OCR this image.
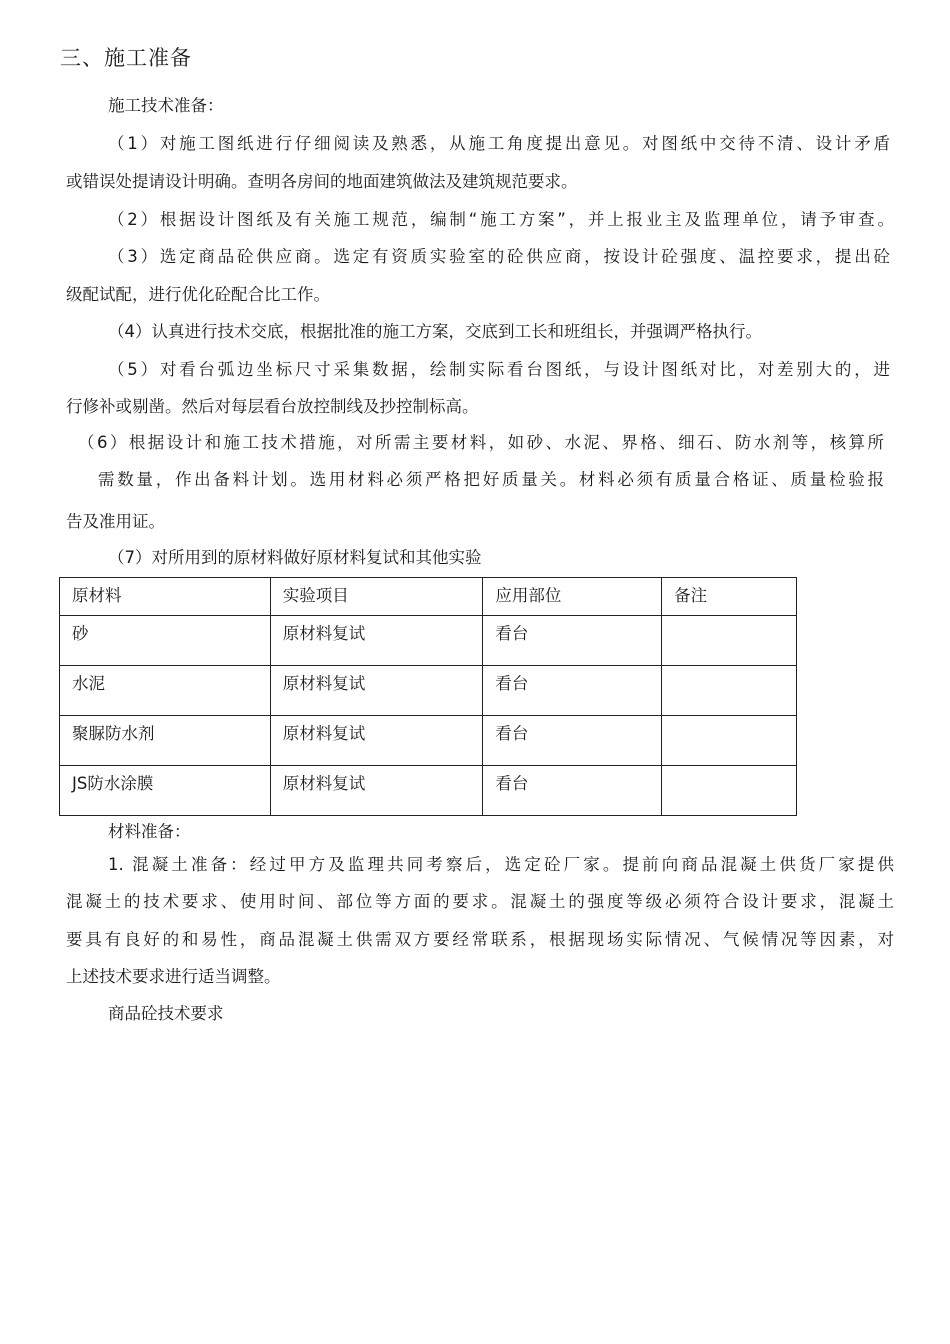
三、施工准备
施工技术准备：
（1）对施工图纸进行仔细阅读及熟悉，从施工角度提出意见。对图纸中交待不清、设计矛盾
或错误处提请设计明确。查明各房间的地面建筑做法及建筑规范要求。
（2）根据设计图纸及有关施工规范，编制“施工方案”，并上报业主及监理单位，请予审查。
（3）选定商品砼供应商。选定有资质实验室的砼供应商，按设计砼强度、温控要求，提出砼
级配试配，进行优化砼配合比工作。
（4）认真进行技术交底，根据批准的施工方案，交底到工长和班组长，并强调严格执行。
（5）对看台弧边坐标尺寸采集数据，绘制实际看台图纸，与设计图纸对比，对差别大的，进
行修补或剔凿。然后对每层看台放控制线及抄控制标高。
（6）根据设计和施工技术措施，对所需主要材料，如砂、水泥、界格、细石、防水剂等，核算所
需数量，作出备料计划。选用材料必须严格把好质量关。材料必须有质量合格证、质量检验报
告及准用证。
（7）对所用到的原材料做好原材料复试和其他实验
原材料	实验项目	应用部位	备注
砂	原材料复试	看台	
水泥	原材料复试	看台	
聚脲防水剂	原材料复试	看台	
JS防水涂膜	原材料复试	看台	
材料准备：
1. 混凝土准备：经过甲方及监理共同考察后，选定砼厂家。提前向商品混凝土供货厂家提供
混凝土的技术要求、使用时间、部位等方面的要求。混凝土的强度等级必须符合设计要求，混凝土
要具有良好的和易性，商品混凝土供需双方要经常联系，根据现场实际情况、气候情况等因素，对
上述技术要求进行适当调整。
商品砼技术要求
